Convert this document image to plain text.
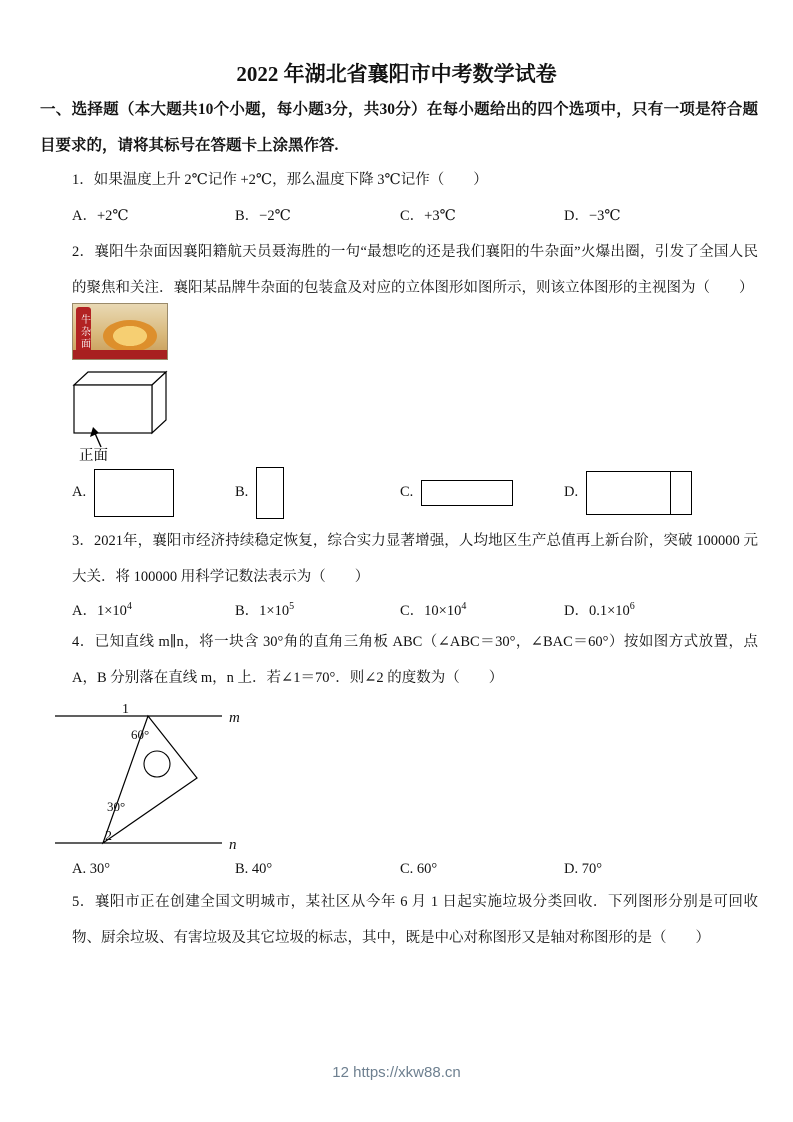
2022 年湖北省襄阳市中考数学试卷
一、选择题（本大题共10个小题，每小题3分，共30分）在每小题给出的四个选项中，只有一项是符合题目要求的，请将其标号在答题卡上涂黑作答.
1．如果温度上升 2℃记作 +2℃，那么温度下降 3℃记作（　　）
A．+2℃	B．−2℃	C．+3℃	D．−3℃
2．襄阳牛杂面因襄阳籍航天员聂海胜的一句“最想吃的还是我们襄阳的牛杂面”火爆出圈，引发了全国人民的聚焦和关注．襄阳某品牌牛杂面的包装盒及对应的立体图形如图所示，则该立体图形的主视图为（　　）
牛杂面
正面
A.	B.	C.	D.
3．2021年，襄阳市经济持续稳定恢复，综合实力显著增强，人均地区生产总值再上新台阶，突破 100000 元大关．将 100000 用科学记数法表示为（　　）
A．$1\times 10^4$	B．$1\times 10^5$	C．$10\times 10^4$	D．$0.1\times 10^6$
4．已知直线 m∥n，将一块含 30°角的直角三角板 ABC（∠ABC＝30°，∠BAC＝60°）按如图方式放置，点 A，B 分别落在直线 m，n 上．若∠1＝70°．则∠2 的度数为（　　）
m
n
1
60°
30°
2
A. 30°	B. 40°	C. 60°	D. 70°
5．襄阳市正在创建全国文明城市，某社区从今年 6 月 1 日起实施垃圾分类回收．下列图形分别是可回收物、厨余垃圾、有害垃圾及其它垃圾的标志，其中，既是中心对称图形又是轴对称图形的是（　　）
12 https://xkw88.cn
